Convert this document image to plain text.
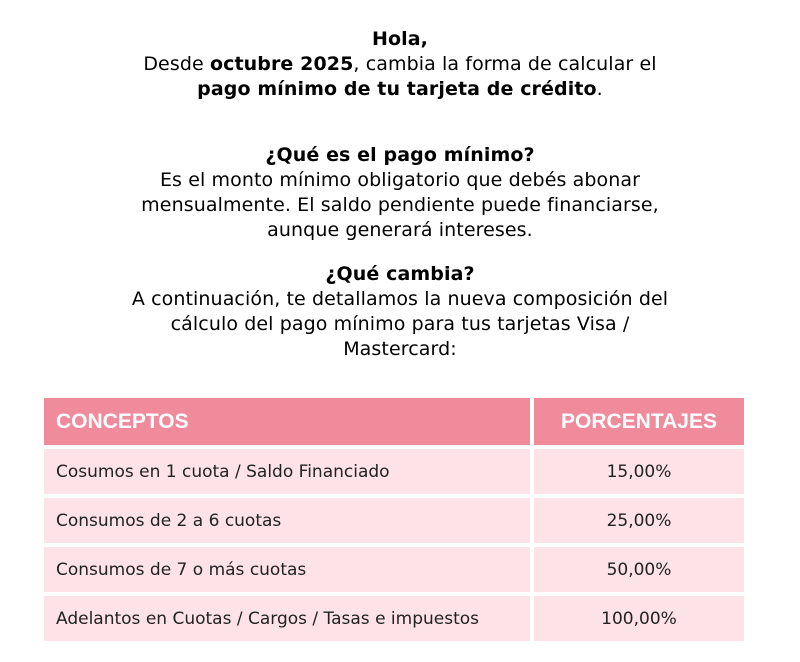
Hola,
Desde octubre 2025, cambia la forma de calcular el
pago mínimo de tu tarjeta de crédito.
¿Qué es el pago mínimo?
Es el monto mínimo obligatorio que debés abonar
mensualmente. El saldo pendiente puede financiarse,
aunque generará intereses.
¿Qué cambia?
A continuación, te detallamos la nueva composición del
cálculo del pago mínimo para tus tarjetas Visa /
Mastercard:
CONCEPTOS	PORCENTAJES
Cosumos en 1 cuota / Saldo Financiado	15,00%
Consumos de 2 a 6 cuotas	25,00%
Consumos de 7 o más cuotas	50,00%
Adelantos en Cuotas / Cargos / Tasas e impuestos	100,00%
